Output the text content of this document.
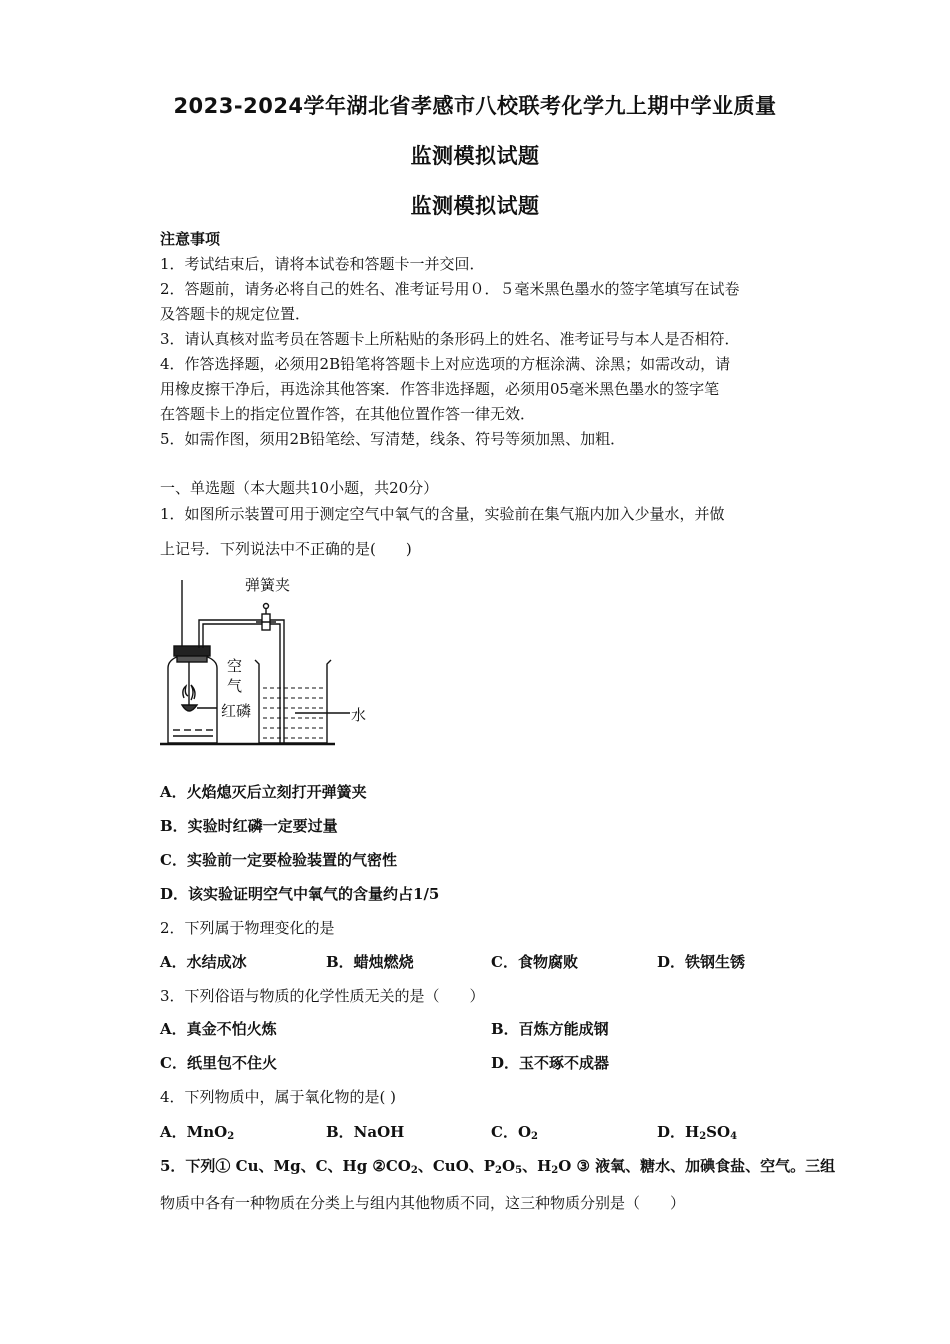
2023-2024学年湖北省孝感市八校联考化学九上期中学业质量
监测模拟试题
监测模拟试题
注意事项
1．考试结束后，请将本试卷和答题卡一并交回．
2．答题前，请务必将自己的姓名、准考证号用０．５毫米黑色墨水的签字笔填写在试卷
及答题卡的规定位置．
3．请认真核对监考员在答题卡上所粘贴的条形码上的姓名、准考证号与本人是否相符．
4．作答选择题，必须用2B铅笔将答题卡上对应选项的方框涂满、涂黑；如需改动，请
用橡皮擦干净后，再选涂其他答案．作答非选择题，必须用05毫米黑色墨水的签字笔
在答题卡上的指定位置作答，在其他位置作答一律无效．
5．如需作图，须用2B铅笔绘、写清楚，线条、符号等须加黑、加粗．
一、单选题（本大题共10小题，共20分）
1．如图所示装置可用于测定空气中氧气的含量，实验前在集气瓶内加入少量水，并做
上记号．下列说法中不正确的是(　　)
弹簧夹
空
气
红磷	水
A．火焰熄灭后立刻打开弹簧夹
B．实验时红磷一定要过量
C．实验前一定要检验装置的气密性
D．该实验证明空气中氧气的含量约占1/5
2．下列属于物理变化的是
A．水结成冰	B．蜡烛燃烧	C．食物腐败	D．铁钢生锈
3．下列俗语与物质的化学性质无关的是（　　）
A．真金不怕火炼	B．百炼方能成钢
C．纸里包不住火	D．玉不琢不成器
4．下列物质中，属于氧化物的是( )
A．MnO$_2$	B．NaOH	C．$O_2$	D．$H_2SO_4$
5．下列① Cu、Mg、C、Hg $②CO_2$、CuO、$P_2O_5$、$H_2O$ ③ 液氧、糖水、加碘食盐、空气。三组
物质中各有一种物质在分类上与组内其他物质不同，这三种物质分别是（　　）
